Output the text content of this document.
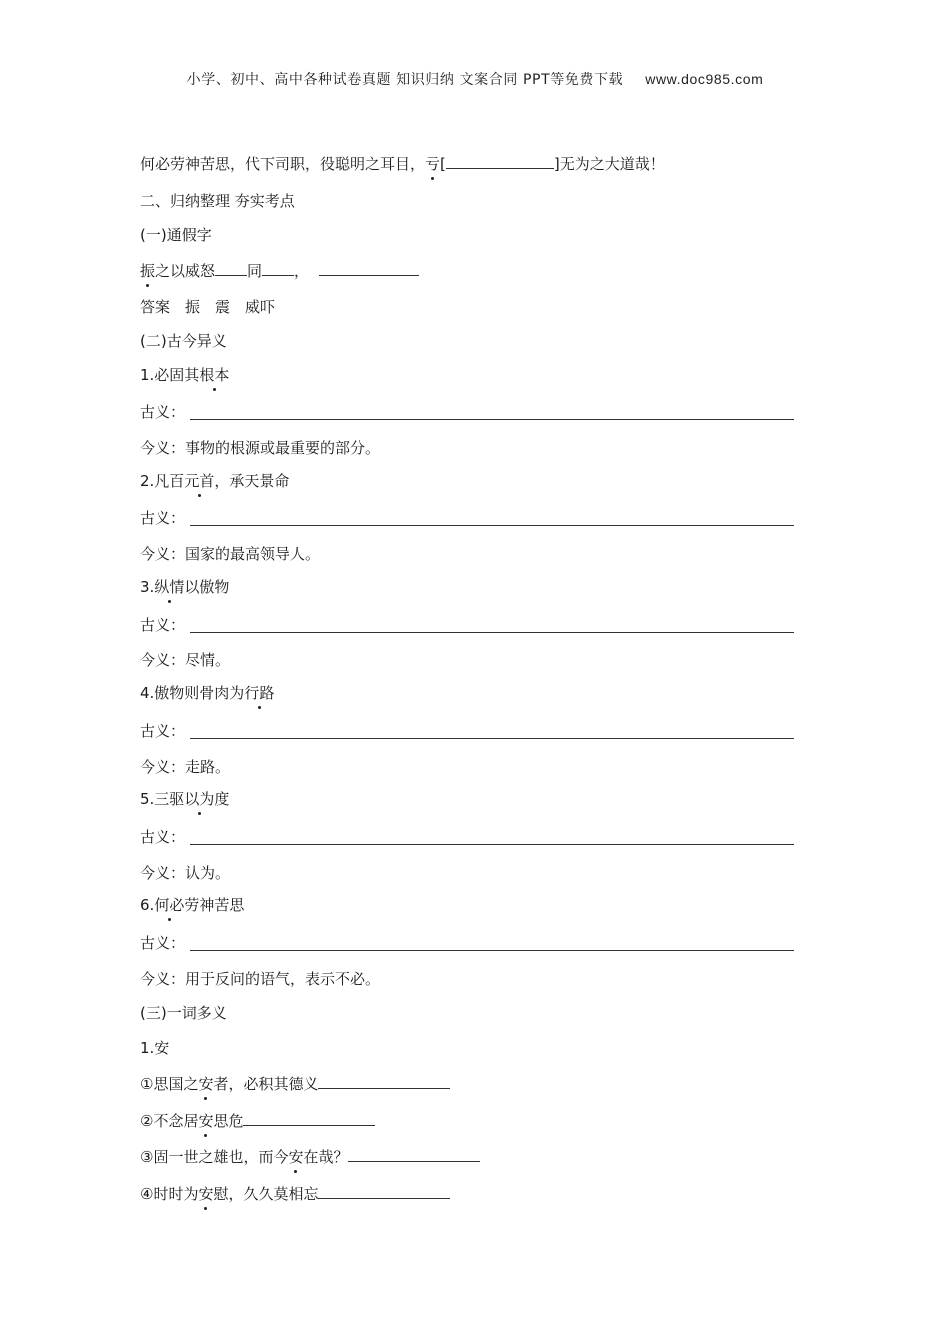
小学、初中、高中各种试卷真题 知识归纳 文案合同 PPT等免费下载 www.doc985.com
何必劳神苦思，代下司职，役聪明之耳目，亏[	]无为之大道哉！
二、归纳整理 夯实考点
(一)通假字
振之以威怒 同 ，
答案　振　震　威吓
(二)古今异义
1.必固其根本
古义：
今义：事物的根源或最重要的部分。
2.凡百元首，承天景命
古义：
今义：国家的最高领导人。
3.纵情以傲物
古义：
今义：尽情。
4.傲物则骨肉为行路
古义：
今义：走路。
5.三驱以为度
古义：
今义：认为。
6.何必劳神苦思
古义：
今义：用于反问的语气，表示不必。
(三)一词多义
1.安
①思国之安者，必积其德义
②不念居安思危
③固一世之雄也，而今安在哉？
④时时为安慰，久久莫相忘
